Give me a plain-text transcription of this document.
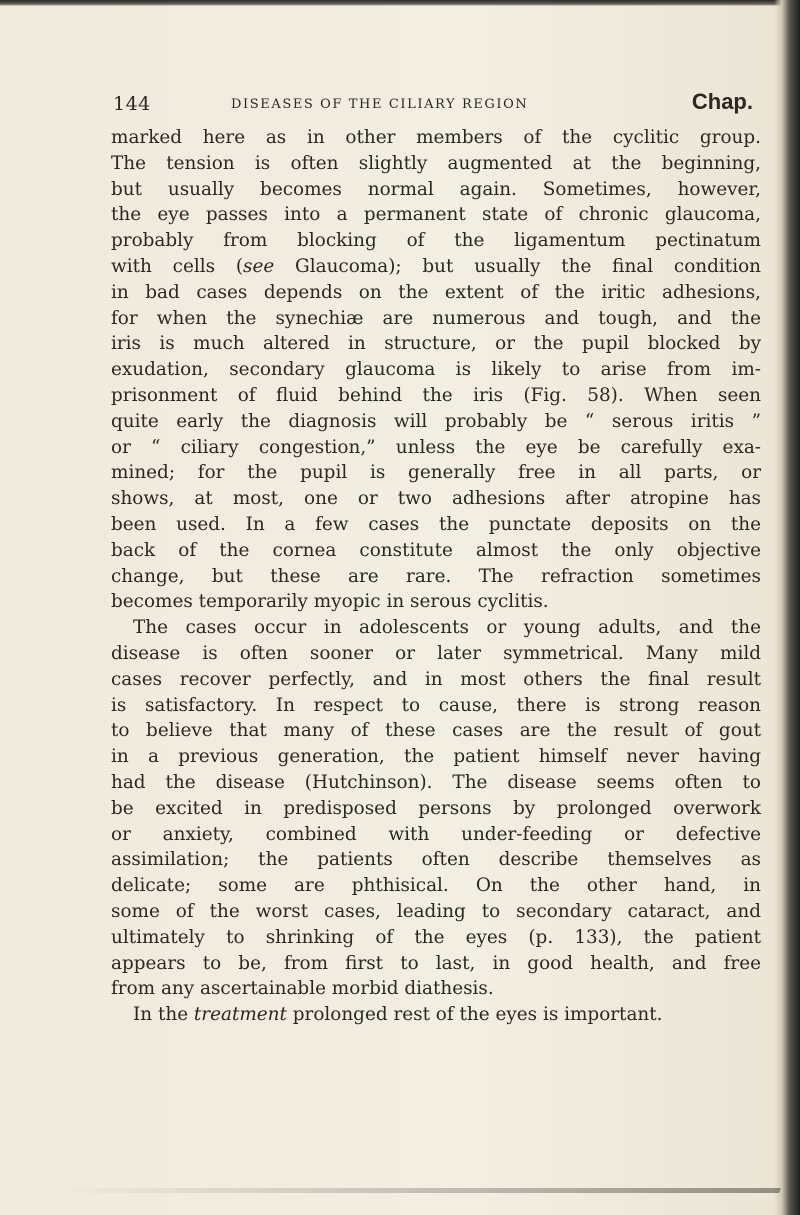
144	DISEASES OF THE CILIARY REGION	Chap.
marked here as in other members of the cyclitic group.
The tension is often slightly augmented at the beginning,
but usually becomes normal again. Sometimes, however,
the eye passes into a permanent state of chronic glaucoma,
probably from blocking of the ligamentum pectinatum
with cells (see Glaucoma); but usually the final condition
in bad cases depends on the extent of the iritic adhesions,
for when the synechiæ are numerous and tough, and the
iris is much altered in structure, or the pupil blocked by
exudation, secondary glaucoma is likely to arise from im-
prisonment of fluid behind the iris (Fig. 58). When seen
quite early the diagnosis will probably be “ serous iritis ”
or “ ciliary congestion,” unless the eye be carefully exa-
mined; for the pupil is generally free in all parts, or
shows, at most, one or two adhesions after atropine has
been used. In a few cases the punctate deposits on the
back of the cornea constitute almost the only objective
change, but these are rare. The refraction sometimes
becomes temporarily myopic in serous cyclitis.
The cases occur in adolescents or young adults, and the
disease is often sooner or later symmetrical. Many mild
cases recover perfectly, and in most others the final result
is satisfactory. In respect to cause, there is strong reason
to believe that many of these cases are the result of gout
in a previous generation, the patient himself never having
had the disease (Hutchinson). The disease seems often to
be excited in predisposed persons by prolonged overwork
or anxiety, combined with under-feeding or defective
assimilation; the patients often describe themselves as
delicate; some are phthisical. On the other hand, in
some of the worst cases, leading to secondary cataract, and
ultimately to shrinking of the eyes (p. 133), the patient
appears to be, from first to last, in good health, and free
from any ascertainable morbid diathesis.
In the treatment prolonged rest of the eyes is important.
